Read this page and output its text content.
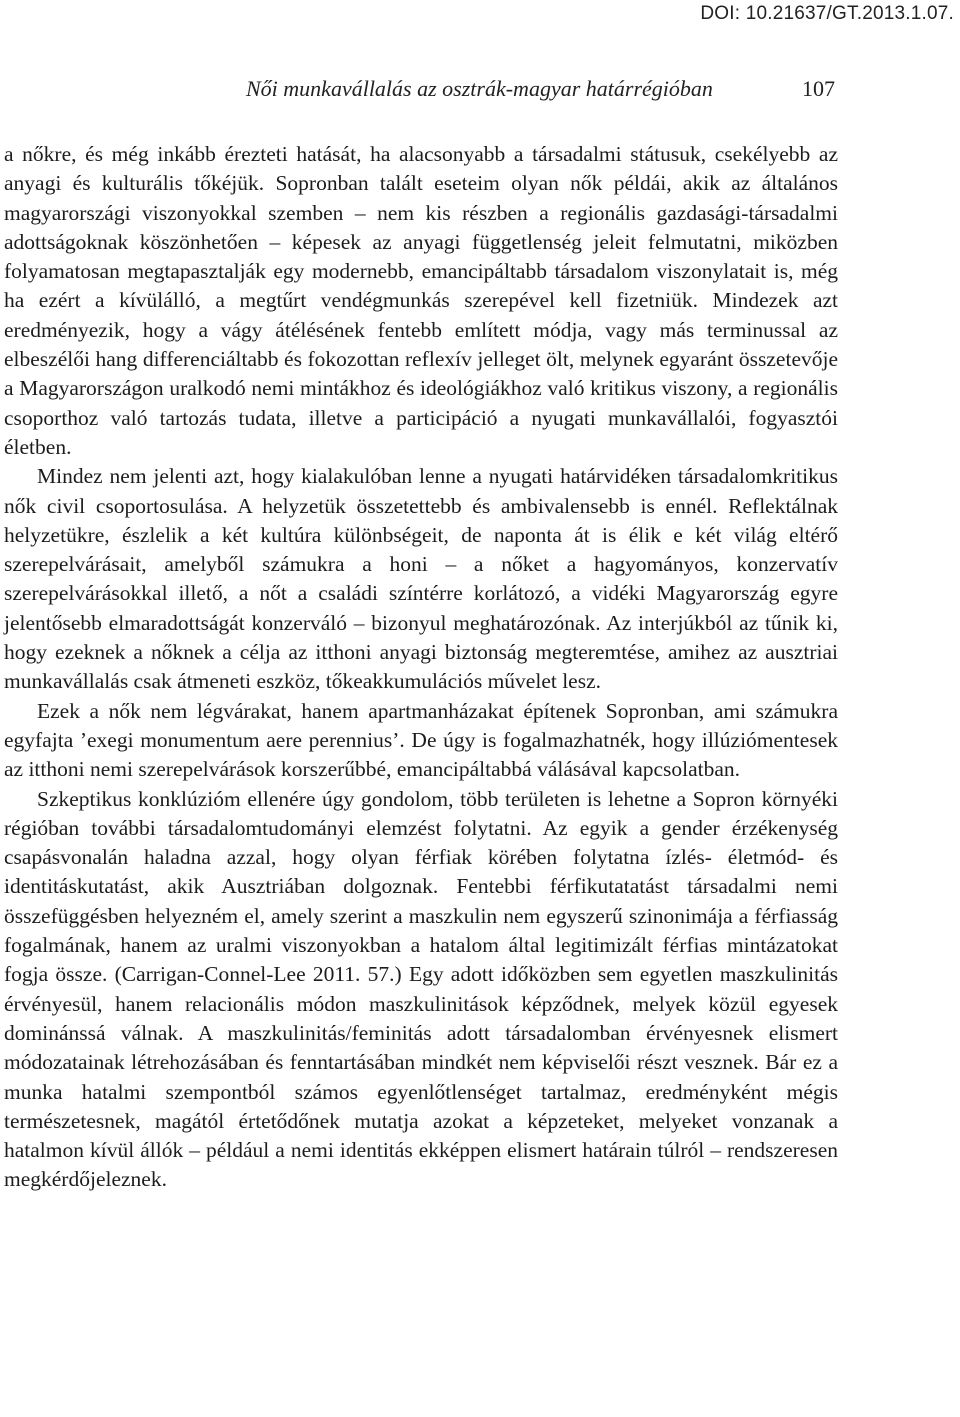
DOI: 10.21637/GT.2013.1.07.
Női munkavállalás az osztrák-magyar határrégióban	107

a nőkre, és még inkább érezteti hatását, ha alacsonyabb a társadalmi státusuk, csekélyebb az anyagi és kulturális tőkéjük. Sopronban talált eseteim olyan nők példái, akik az általános magyarországi viszonyokkal szemben – nem kis részben a regionális gazdasági-társadalmi adottságoknak köszönhetően – képesek az anyagi függetlenség jeleit felmutatni, miközben folyamatosan megtapasztalják egy modernebb, emancipáltabb társadalom viszonylatait is, még ha ezért a kívülálló, a megtűrt vendégmunkás szerepével kell fizetniük. Mindezek azt eredményezik, hogy a vágy átélésének fentebb említett módja, vagy más terminussal az elbeszélői hang differenciáltabb és fokozottan reflexív jelleget ölt, melynek egyaránt összetevője a Magyarországon uralkodó nemi mintákhoz és ideológiákhoz való kritikus viszony, a regionális csoporthoz való tartozás tudata, illetve a participáció a nyugati munkavállalói, fogyasztói életben.

Mindez nem jelenti azt, hogy kialakulóban lenne a nyugati határvidéken társadalomkritikus nők civil csoportosulása. A helyzetük összetettebb és ambivalensebb is ennél. Reflektálnak helyzetükre, észlelik a két kultúra különbségeit, de naponta át is élik e két világ eltérő szerepelvárásait, amelyből számukra a honi – a nőket a hagyományos, konzervatív szerepelvárásokkal illető, a nőt a családi színtérre korlátozó, a vidéki Magyarország egyre jelentősebb elmaradottságát konzerváló – bizonyul meghatározónak. Az interjúkból az tűnik ki, hogy ezeknek a nőknek a célja az itthoni anyagi biztonság megteremtése, amihez az ausztriai munkavállalás csak átmeneti eszköz, tőkeakkumulációs művelet lesz.

Ezek a nők nem légvárakat, hanem apartmanházakat építenek Sopronban, ami számukra egyfajta ’exegi monumentum aere perennius’. De úgy is fogalmazhatnék, hogy illúziómentesek az itthoni nemi szerepelvárások korszerűbbé, emancipáltabbá válásával kapcsolatban.

Szkeptikus konklúzióm ellenére úgy gondolom, több területen is lehetne a Sopron környéki régióban további társadalomtudományi elemzést folytatni. Az egyik a gender érzékenység csapásvonalán haladna azzal, hogy olyan férfiak körében folytatna ízlés- életmód- és identitáskutatást, akik Ausztriában dolgoznak. Fentebbi férfikutatatást társadalmi nemi összefüggésben helyezném el, amely szerint a maszkulin nem egyszerű szinonimája a férfiasság fogalmának, hanem az uralmi viszonyokban a hatalom által legitimizált férfias mintázatokat fogja össze. (Carrigan-Connel-Lee 2011. 57.) Egy adott időközben sem egyetlen maszkulinitás érvényesül, hanem relacionális módon maszkulinitások képződnek, melyek közül egyesek dominánssá válnak. A maszkulinitás/feminitás adott társadalomban érvényesnek elismert módozatainak létrehozásában és fenntartásában mindkét nem képviselői részt vesznek. Bár ez a munka hatalmi szempontból számos egyenlőtlenséget tartalmaz, eredményként mégis természetesnek, magától értetődőnek mutatja azokat a képzeteket, melyeket vonzanak a hatalmon kívül állók – például a nemi identitás ekképpen elismert határain túlról – rendszeresen megkérdőjeleznek.
